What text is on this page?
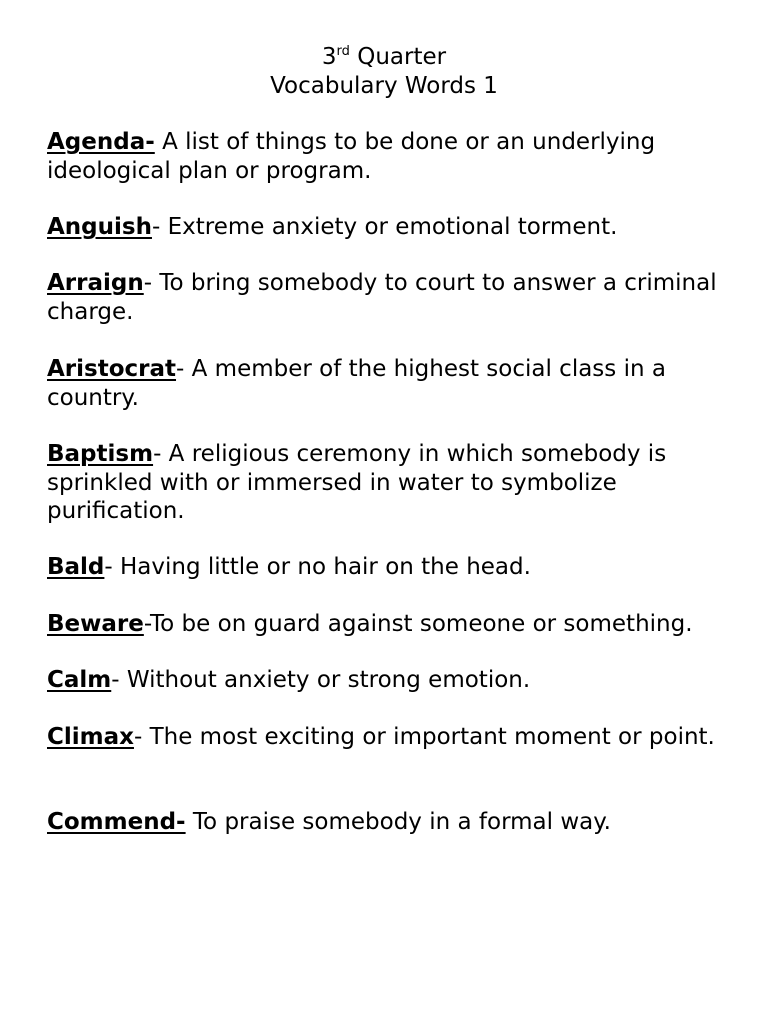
3rd Quarter
Vocabulary Words 1
Agenda- A list of things to be done or an underlying ideological plan or program.
Anguish- Extreme anxiety or emotional torment.
Arraign- To bring somebody to court to answer a criminal charge.
Aristocrat- A member of the highest social class in a country.
Baptism- A religious ceremony in which somebody is sprinkled with or immersed in water to symbolize purification.
Bald- Having little or no hair on the head.
Beware-To be on guard against someone or something.
Calm- Without anxiety or strong emotion.
Climax- The most exciting or important moment or point.
Commend- To praise somebody in a formal way.
